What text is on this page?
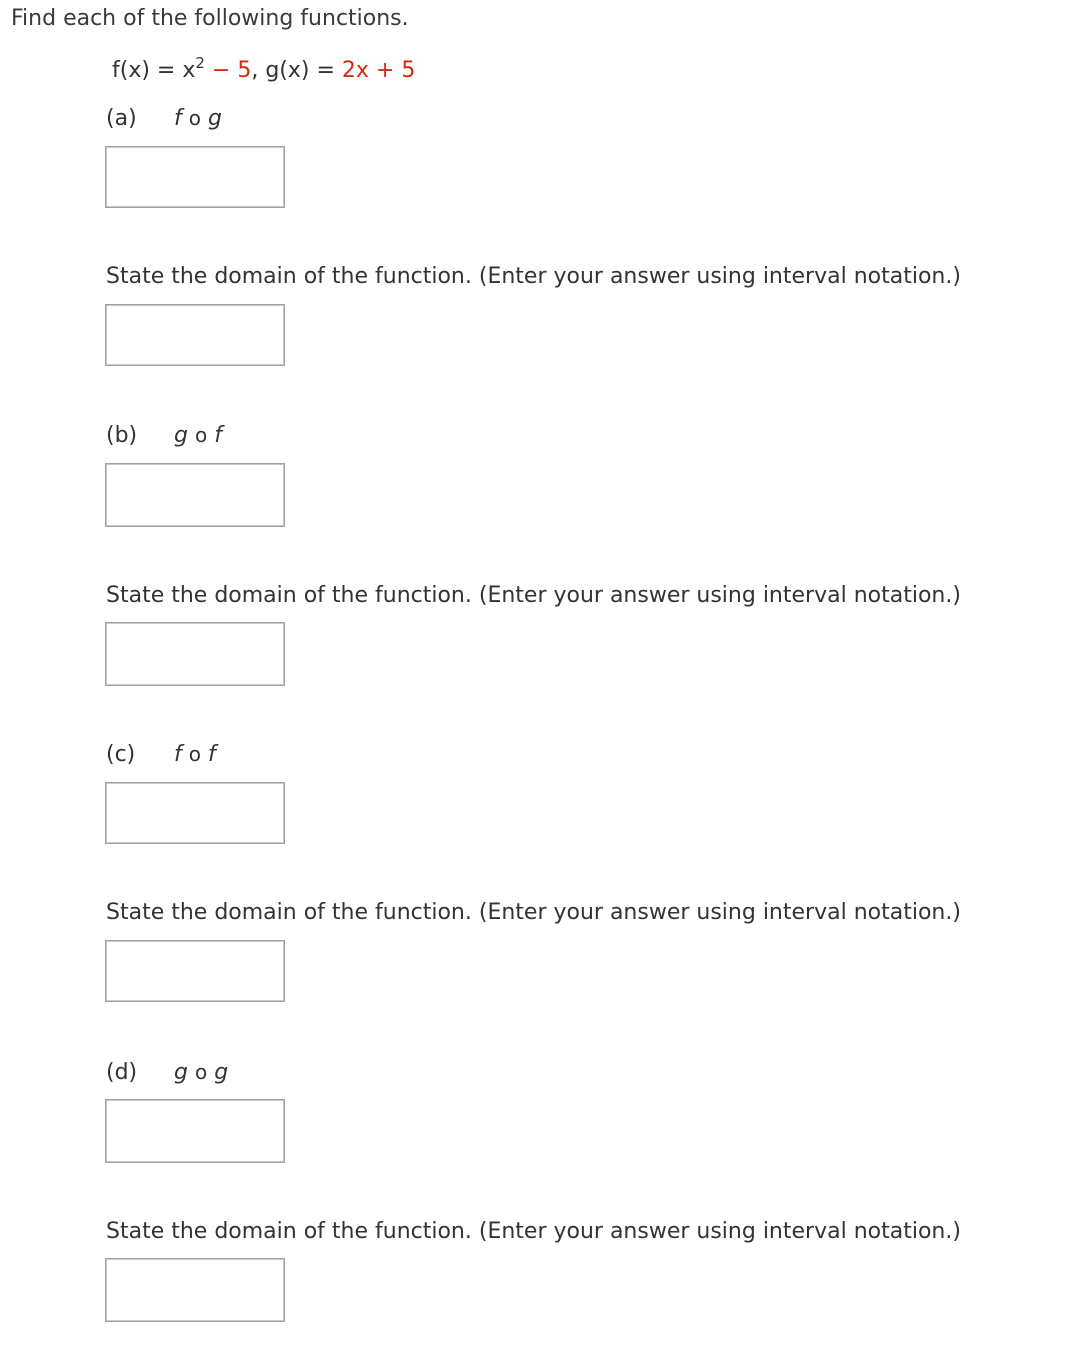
Find each of the following functions.
$f(x) = x^2 - 5$, g(x) = 2x + 5
(a) f o g
State the domain of the function. (Enter your answer using interval notation.)
(b) g o f
State the domain of the function. (Enter your answer using interval notation.)
(c) f o f
State the domain of the function. (Enter your answer using interval notation.)
(d) g o g
State the domain of the function. (Enter your answer using interval notation.)
